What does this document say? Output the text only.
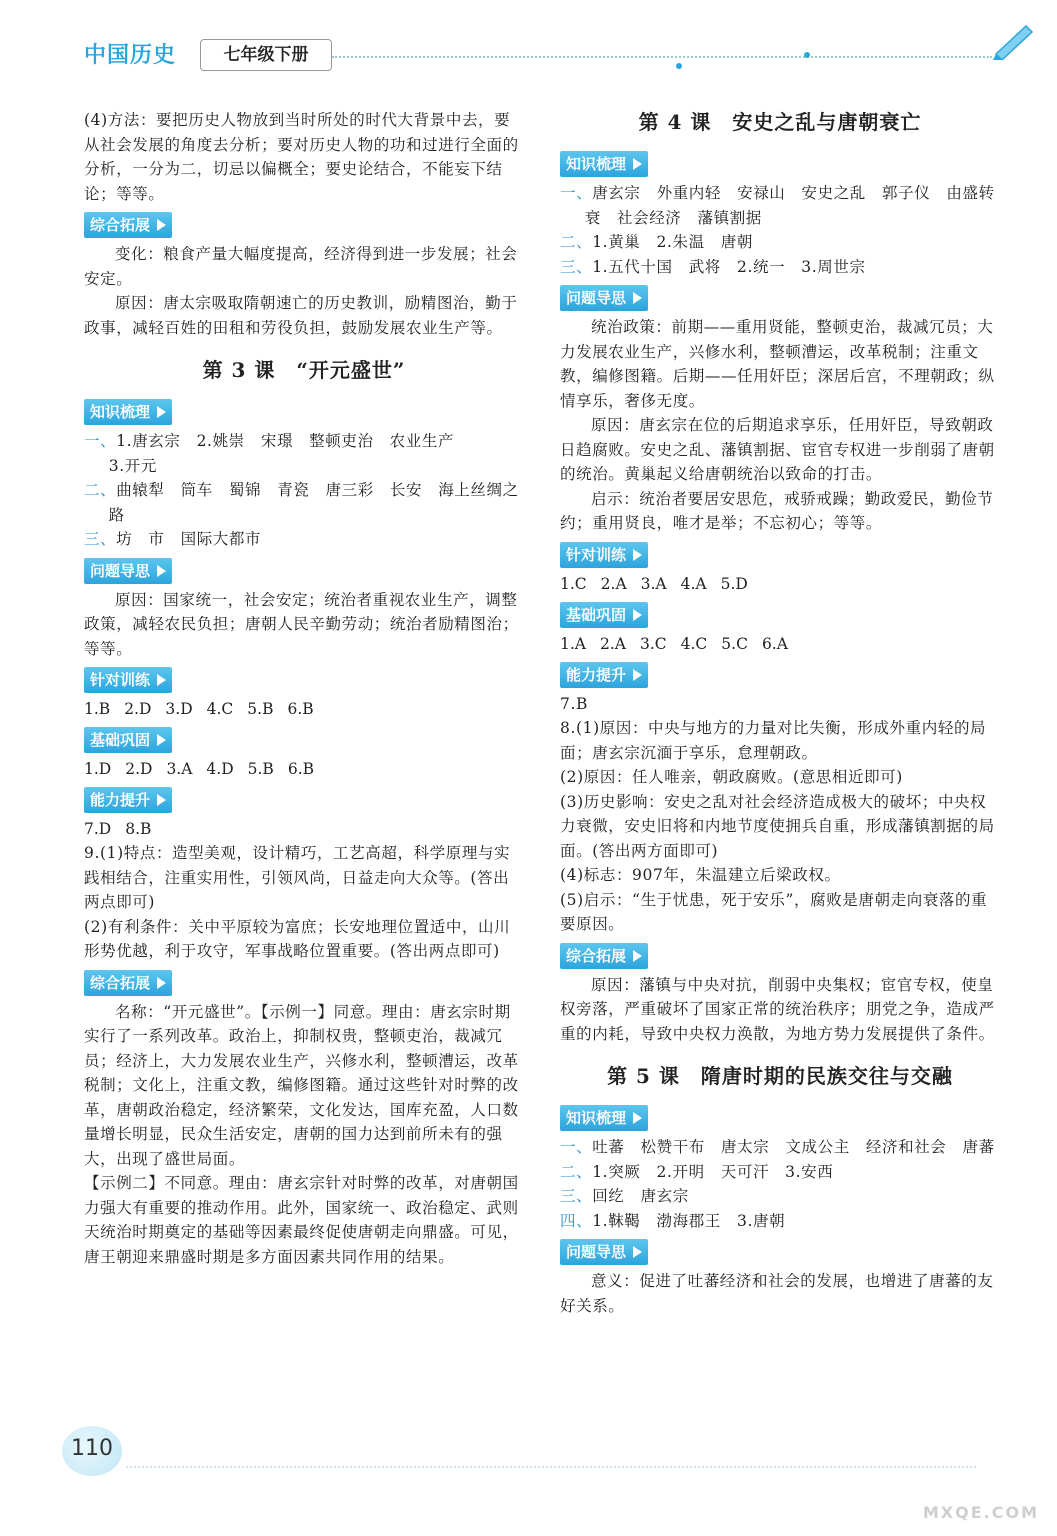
中国历史	七年级下册

(4)方法：要把历史人物放到当时所处的时代大背景中去，要从社会发展的角度去分析；要对历史人物的功和过进行全面的分析，一分为二，切忌以偏概全；要史论结合，不能妄下结论；等等。

综合拓展

变化：粮食产量大幅度提高，经济得到进一步发展；社会安定。

原因：唐太宗吸取隋朝速亡的历史教训，励精图治，勤于政事，减轻百姓的田租和劳役负担，鼓励发展农业生产等。

第 3 课　“开元盛世”
知识梳理

一、1.唐玄宗　2.姚崇　宋璟　整顿吏治　农业生产

3.开元

二、曲辕犁　筒车　蜀锦　青瓷　唐三彩　长安　海上丝绸之路

三、坊　市　国际大都市

问题导思

原因：国家统一，社会安定；统治者重视农业生产，调整政策，减轻农民负担；唐朝人民辛勤劳动；统治者励精图治；等等。

针对训练

1.B 2.D 3.D 4.C 5.B 6.B

基础巩固

1.D 2.D 3.A 4.D 5.B 6.B

能力提升

7.D 8.B

9.(1)特点：造型美观，设计精巧，工艺高超，科学原理与实践相结合，注重实用性，引领风尚，日益走向大众等。(答出两点即可)

(2)有利条件：关中平原较为富庶；长安地理位置适中，山川形势优越，利于攻守，军事战略位置重要。(答出两点即可)

综合拓展

名称：“开元盛世”。【示例一】同意。理由：唐玄宗时期实行了一系列改革。政治上，抑制权贵，整顿吏治，裁减冗员；经济上，大力发展农业生产，兴修水利，整顿漕运，改革税制；文化上，注重文教，编修图籍。通过这些针对时弊的改革，唐朝政治稳定，经济繁荣，文化发达，国库充盈，人口数量增长明显，民众生活安定，唐朝的国力达到前所未有的强大，出现了盛世局面。

【示例二】不同意。理由：唐玄宗针对时弊的改革，对唐朝国力强大有重要的推动作用。此外，国家统一、政治稳定、武则天统治时期奠定的基础等因素最终促使唐朝走向鼎盛。可见，唐王朝迎来鼎盛时期是多方面因素共同作用的结果。

第 4 课　安史之乱与唐朝衰亡
知识梳理

一、唐玄宗　外重内轻　安禄山　安史之乱　郭子仪　由盛转衰　社会经济　藩镇割据

二、1.黄巢　2.朱温　唐朝

三、1.五代十国　武将　2.统一　3.周世宗

问题导思

统治政策：前期——重用贤能，整顿吏治，裁减冗员；大力发展农业生产，兴修水利，整顿漕运，改革税制；注重文教，编修图籍。后期——任用奸臣；深居后宫，不理朝政；纵情享乐，奢侈无度。

原因：唐玄宗在位的后期追求享乐，任用奸臣，导致朝政日趋腐败。安史之乱、藩镇割据、宦官专权进一步削弱了唐朝的统治。黄巢起义给唐朝统治以致命的打击。

启示：统治者要居安思危，戒骄戒躁；勤政爱民，勤俭节约；重用贤良，唯才是举；不忘初心；等等。

针对训练

1.C 2.A 3.A 4.A 5.D

基础巩固

1.A 2.A 3.C 4.C 5.C 6.A

能力提升

7.B

8.(1)原因：中央与地方的力量对比失衡，形成外重内轻的局面；唐玄宗沉湎于享乐，怠理朝政。

(2)原因：任人唯亲，朝政腐败。(意思相近即可)

(3)历史影响：安史之乱对社会经济造成极大的破坏；中央权力衰微，安史旧将和内地节度使拥兵自重，形成藩镇割据的局面。(答出两方面即可)

(4)标志：907年，朱温建立后梁政权。

(5)启示：“生于忧患，死于安乐”，腐败是唐朝走向衰落的重要原因。

综合拓展

原因：藩镇与中央对抗，削弱中央集权；宦官专权，使皇权旁落，严重破坏了国家正常的统治秩序；朋党之争，造成严重的内耗，导致中央权力涣散，为地方势力发展提供了条件。

第 5 课　隋唐时期的民族交往与交融
知识梳理

一、吐蕃　松赞干布　唐太宗　文成公主　经济和社会　唐蕃

二、1.突厥　2.开明　天可汗　3.安西

三、回纥　唐玄宗

四、1.靺鞨　渤海郡王　3.唐朝

问题导思

意义：促进了吐蕃经济和社会的发展，也增进了唐蕃的友好关系。

110
MXQE.COM
